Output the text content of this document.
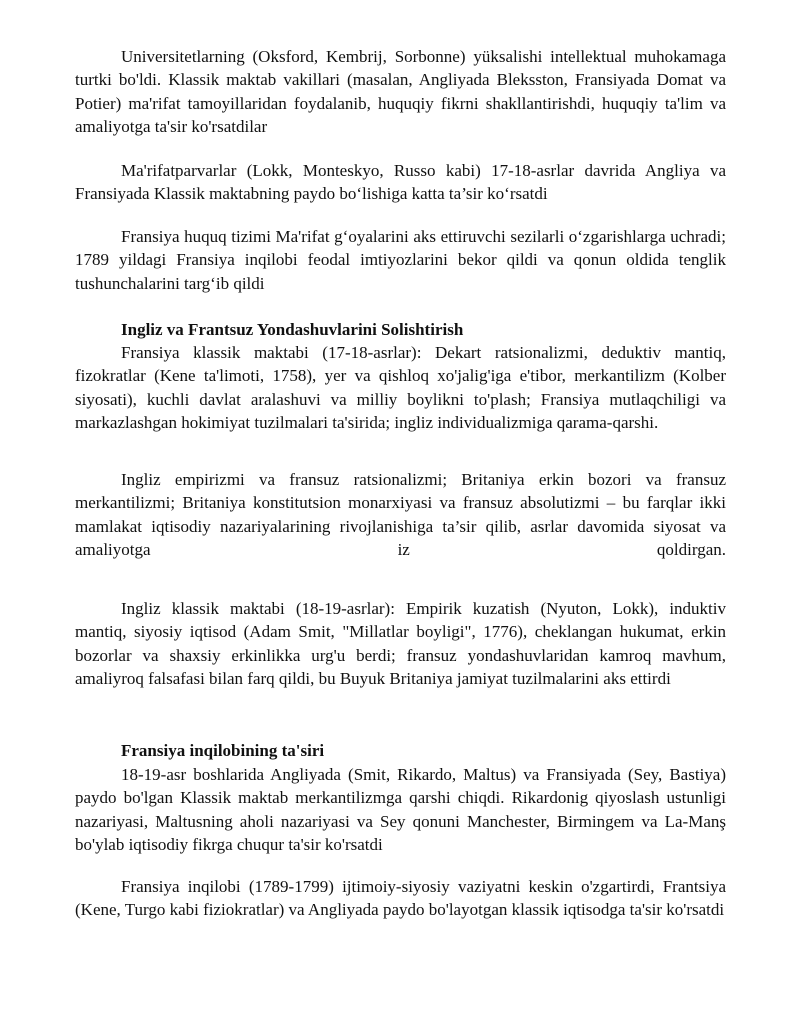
Universitetlarning (Oksford, Kembrij, Sorbonne) yüksalishi intellektual muhokamaga turtki bo'ldi. Klassik maktab vakillari (masalan, Angliyada Bleksston, Fransiyada Domat va Potier) ma'rifat tamoyillaridan foydalanib, huquqiy fikrni shakllantirishdi, huquqiy ta'lim va amaliyotga ta'sir ko'rsatdilar

Ma'rifatparvarlar (Lokk, Monteskyo, Russo kabi) 17-18-asrlar davrida Angliya va Fransiyada Klassik maktabning paydo bo‘lishiga katta ta’sir ko‘rsatdi

Fransiya huquq tizimi Ma'rifat g‘oyalarini aks ettiruvchi sezilarli o‘zgarishlarga uchradi; 1789 yildagi Fransiya inqilobi feodal imtiyozlarini bekor qildi va qonun oldida tenglik tushunchalarini targ‘ib qildi

Ingliz va Frantsuz Yondashuvlarini Solishtirish

Fransiya klassik maktabi (17-18-asrlar): Dekart ratsionalizmi, deduktiv mantiq, fizokratlar (Kene ta'limoti, 1758), yer va qishloq xo'jalig'iga e'tibor, merkantilizm (Kolber siyosati), kuchli davlat aralashuvi va milliy boylikni to'plash; Fransiya mutlaqchiligi va markazlashgan hokimiyat tuzilmalari ta'sirida; ingliz individualizmiga qarama-qarshi.

Ingliz empirizmi va fransuz ratsionalizmi; Britaniya erkin bozori va fransuz merkantilizmi; Britaniya konstitutsion monarxiyasi va fransuz absolutizmi – bu farqlar ikki mamlakat iqtisodiy nazariyalarining rivojlanishiga ta’sir qilib, asrlar davomida siyosat va amaliyotga iz qoldirgan.

Ingliz klassik maktabi (18-19-asrlar): Empirik kuzatish (Nyuton, Lokk), induktiv mantiq, siyosiy iqtisod (Adam Smit, "Millatlar boyligi", 1776), cheklangan hukumat, erkin bozorlar va shaxsiy erkinlikka urg'u berdi; fransuz yondashuvlaridan kamroq mavhum, amaliyroq falsafasi bilan farq qildi, bu Buyuk Britaniya jamiyat tuzilmalarini aks ettirdi

Fransiya inqilobining ta'siri

18-19-asr boshlarida Angliyada (Smit, Rikardo, Maltus) va Fransiyada (Sey, Bastiya) paydo bo'lgan Klassik maktab merkantilizmga qarshi chiqdi. Rikardonig qiyoslash ustunligi nazariyasi, Maltusning aholi nazariyasi va Sey qonuni Manchester, Birmingem va La-Manş bo'ylab iqtisodiy fikrga chuqur ta'sir ko'rsatdi

Fransiya inqilobi (1789-1799) ijtimoiy-siyosiy vaziyatni keskin o'zgartirdi, Frantsiya (Kene, Turgo kabi fiziokratlar) va Angliyada paydo bo'layotgan klassik iqtisodga ta'sir ko'rsatdi
